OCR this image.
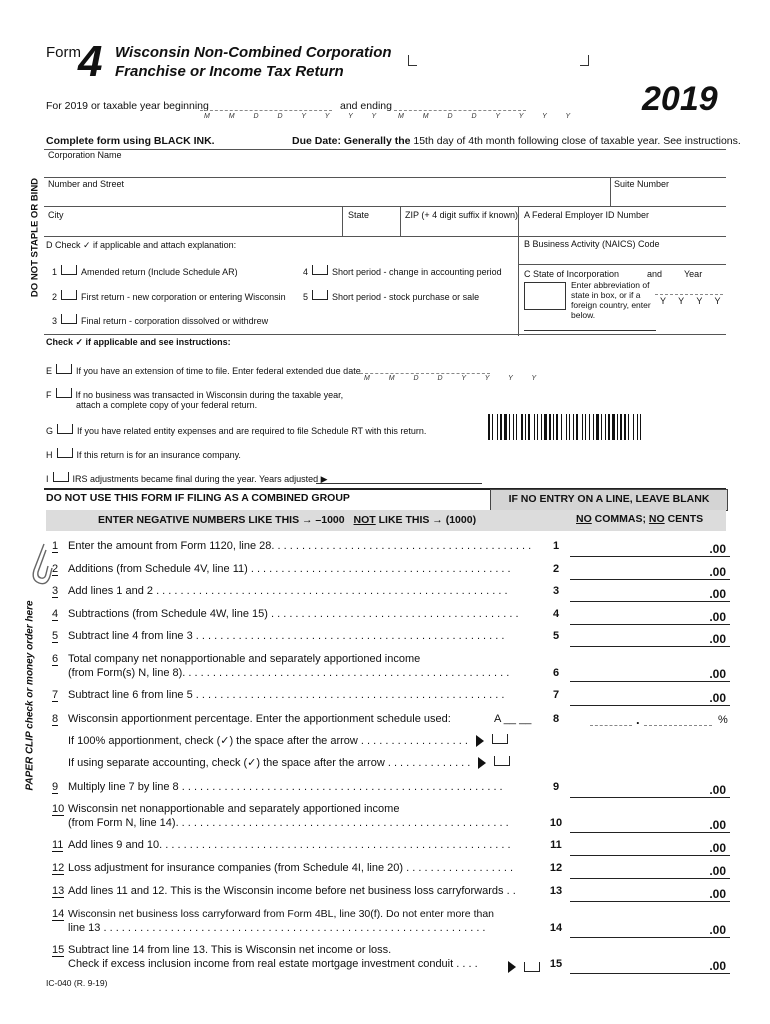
Form
4 Wisconsin Non-Combined Corporation
Franchise or Income Tax Return
2019
For 2019 or taxable year beginning
M M D D Y Y Y Y
and ending
M M D D Y Y Y Y
Complete form using BLACK INK.	Due Date: Generally the 15th day of 4th month following close of taxable year. See instructions.
DO NOT STAPLE OR BIND
PAPER CLIP check or money order here
Corporation Name
Number and Street	Suite Number
City	State	ZIP (+ 4 digit suffix if known) A Federal Employer ID Number
D Check ✓ if applicable and attach explanation:	B Business Activity (NAICS) Code
C State of Incorporation	and Year
Enter abbreviation of state in box, or if a foreign country, enter below.
Y Y Y Y
1	Amended return (Include Schedule AR)
2	First return - new corporation or entering Wisconsin
3	Final return - corporation dissolved or withdrew
4	Short period - change in accounting period
5	Short period - stock purchase or sale
Check ✓ if applicable and see instructions:
E	If you have an extension of time to file. Enter federal extended due date
M M D D Y Y Y Y
F	If no business was transacted in Wisconsin during the taxable year,
attach a complete copy of your federal return.
G	If you have related entity expenses and are required to file Schedule RT with this return.
H	If this return is for an insurance company.
I	IRS adjustments became final during the year. Years adjusted ▶
DO NOT USE THIS FORM IF FILING AS A COMBINED GROUP	IF NO ENTRY ON A LINE, LEAVE BLANK
ENTER NEGATIVE NUMBERS LIKE THIS → –1000 NOT LIKE THIS → (1000)	NO COMMAS; NO CENTS
1 Enter the amount from Form 1120, line 28. . . . . . . . . . . . . . . . . . . . . . . . . . . . . . . . . . . . . . . . . . .	1	.00
2 Additions (from Schedule 4V, line 11) . . . . . . . . . . . . . . . . . . . . . . . . . . . . . . . . . . . . . . . . . . .	2	.00
3 Add lines 1 and 2 . . . . . . . . . . . . . . . . . . . . . . . . . . . . . . . . . . . . . . . . . . . . . . . . . . . . . . . . . .	3	.00
4 Subtractions (from Schedule 4W, line 15) . . . . . . . . . . . . . . . . . . . . . . . . . . . . . . . . . . . . . . . . .	4	.00
5 Subtract line 4 from line 3 . . . . . . . . . . . . . . . . . . . . . . . . . . . . . . . . . . . . . . . . . . . . . . . . . . .	5	.00
6 Total company net nonapportionable and separately apportioned income
(from Form(s) N, line 8). . . . . . . . . . . . . . . . . . . . . . . . . . . . . . . . . . . . . . . . . . . . . . . . . . . . . .	6	.00
7 Subtract line 6 from line 5 . . . . . . . . . . . . . . . . . . . . . . . . . . . . . . . . . . . . . . . . . . . . . . . . . . .	7	.00
8 Wisconsin apportionment percentage. Enter the apportionment schedule used:	A __ __	8	.	%
If 100% apportionment, check (✓) the space after the arrow . . . . . . . . . . . . . . . . . .
If using separate accounting, check (✓) the space after the arrow . . . . . . . . . . . . . .
9 Multiply line 7 by line 8 . . . . . . . . . . . . . . . . . . . . . . . . . . . . . . . . . . . . . . . . . . . . . . . . . . . . .	9	.00
10 Wisconsin net nonapportionable and separately apportioned income
(from Form N, line 14). . . . . . . . . . . . . . . . . . . . . . . . . . . . . . . . . . . . . . . . . . . . . . . . . . . . . . .	10	.00
11 Add lines 9 and 10. . . . . . . . . . . . . . . . . . . . . . . . . . . . . . . . . . . . . . . . . . . . . . . . . . . . . . . . . .	11	.00
12 Loss adjustment for insurance companies (from Schedule 4I, line 20) . . . . . . . . . . . . . . . . . .	12	.00
13 Add lines 11 and 12. This is the Wisconsin income before net business loss carryforwards . .	13	.00
14 Wisconsin net business loss carryforward from Form 4BL, line 30(f). Do not enter more than
line 13 . . . . . . . . . . . . . . . . . . . . . . . . . . . . . . . . . . . . . . . . . . . . . . . . . . . . . . . . . . . . . . .	14	.00
15 Subtract line 14 from line 13. This is Wisconsin net income or loss.
Check if excess inclusion income from real estate mortgage investment conduit . . . .	15	.00
IC-040 (R. 9-19)
